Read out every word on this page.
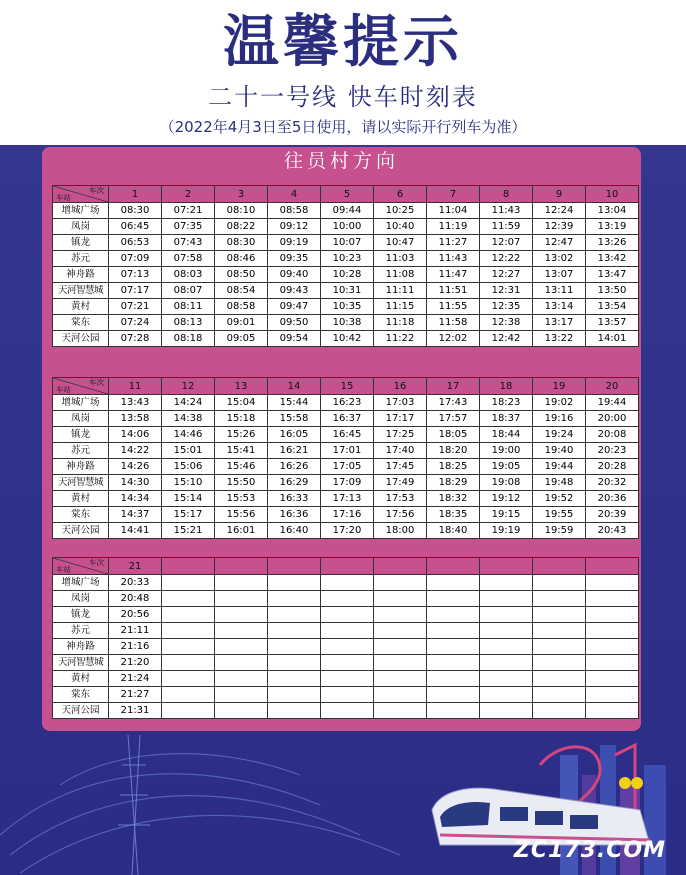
温馨提示
二十一号线 快车时刻表
（2022年4月3日至5日使用，请以实际开行列车为准）
往员村方向
车次
车站	1	2	3	4	5	6	7	8	9	10
增城广场	08:30	07:21	08:10	08:58	09:44	10:25	11:04	11:43	12:24	13:04
凤岗	06:45	07:35	08:22	09:12	10:00	10:40	11:19	11:59	12:39	13:19
镇龙	06:53	07:43	08:30	09:19	10:07	10:47	11:27	12:07	12:47	13:26
苏元	07:09	07:58	08:46	09:35	10:23	11:03	11:43	12:22	13:02	13:42
神舟路	07:13	08:03	08:50	09:40	10:28	11:08	11:47	12:27	13:07	13:47
天河智慧城	07:17	08:07	08:54	09:43	10:31	11:11	11:51	12:31	13:11	13:50
黄村	07:21	08:11	08:58	09:47	10:35	11:15	11:55	12:35	13:14	13:54
棠东	07:24	08:13	09:01	09:50	10:38	11:18	11:58	12:38	13:17	13:57
天河公园	07:28	08:18	09:05	09:54	10:42	11:22	12:02	12:42	13:22	14:01
车次
车站	11	12	13	14	15	16	17	18	19	20
增城广场	13:43	14:24	15:04	15:44	16:23	17:03	17:43	18:23	19:02	19:44
凤岗	13:58	14:38	15:18	15:58	16:37	17:17	17:57	18:37	19:16	20:00
镇龙	14:06	14:46	15:26	16:05	16:45	17:25	18:05	18:44	19:24	20:08
苏元	14:22	15:01	15:41	16:21	17:01	17:40	18:20	19:00	19:40	20:23
神舟路	14:26	15:06	15:46	16:26	17:05	17:45	18:25	19:05	19:44	20:28
天河智慧城	14:30	15:10	15:50	16:29	17:09	17:49	18:29	19:08	19:48	20:32
黄村	14:34	15:14	15:53	16:33	17:13	17:53	18:32	19:12	19:52	20:36
棠东	14:37	15:17	15:56	16:36	17:16	17:56	18:35	19:15	19:55	20:39
天河公园	14:41	15:21	16:01	16:40	17:20	18:00	18:40	19:19	19:59	20:43
车次
车站	21									
增城广场	20:33									
凤岗	20:48									
镇龙	20:56									
苏元	21:11									
神舟路	21:16									
天河智慧城	21:20									
黄村	21:24									
棠东	21:27									
天河公园	21:31									
ZC173.COM
